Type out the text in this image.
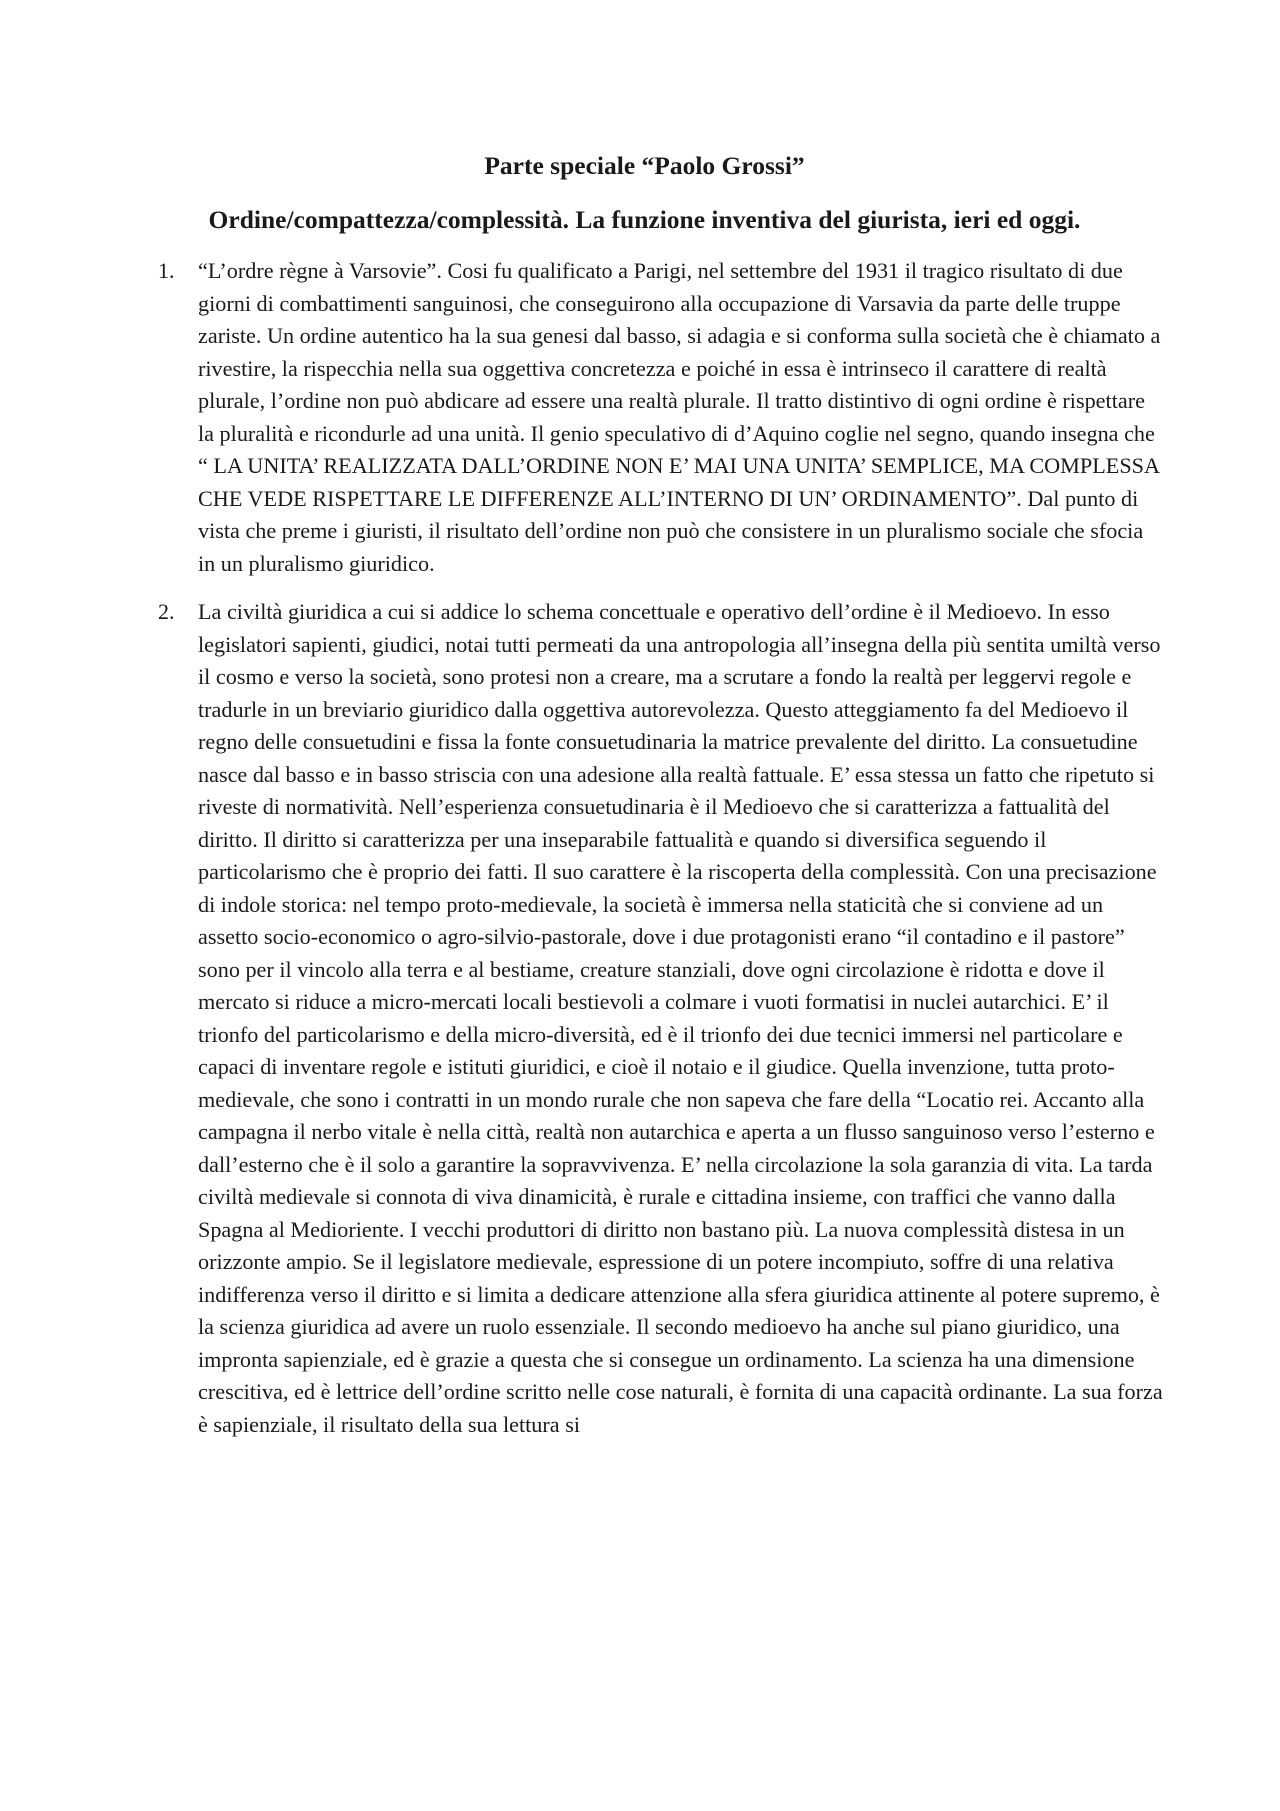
Parte speciale “Paolo Grossi”
Ordine/compattezza/complessità. La funzione inventiva del giurista, ieri ed oggi.
1. “L’ordre règne à Varsovie”. Cosi fu qualificato a Parigi, nel settembre del 1931 il tragico risultato di due giorni di combattimenti sanguinosi, che conseguirono alla occupazione di Varsavia da parte delle truppe zariste. Un ordine autentico ha la sua genesi dal basso, si adagia e si conforma sulla società che è chiamato a rivestire, la rispecchia nella sua oggettiva concretezza e poiché in essa è intrinseco il carattere di realtà plurale, l’ordine non può abdicare ad essere una realtà plurale. Il tratto distintivo di ogni ordine è rispettare la pluralità e ricondurle ad una unità. Il genio speculativo di d’Aquino coglie nel segno, quando insegna che “ LA UNITA’ REALIZZATA DALL’ORDINE NON E’ MAI UNA UNITA’ SEMPLICE, MA COMPLESSA CHE VEDE RISPETTARE LE DIFFERENZE ALL’INTERNO DI UN’ ORDINAMENTO”. Dal punto di vista che preme i giuristi, il risultato dell’ordine non può che consistere in un pluralismo sociale che sfocia in un pluralismo giuridico.

2. La civiltà giuridica a cui si addice lo schema concettuale e operativo dell’ordine è il Medioevo. In esso legislatori sapienti, giudici, notai tutti permeati da una antropologia all’insegna della più sentita umiltà verso il cosmo e verso la società, sono protesi non a creare, ma a scrutare a fondo la realtà per leggervi regole e tradurle in un breviario giuridico dalla oggettiva autorevolezza. Questo atteggiamento fa del Medioevo il regno delle consuetudini e fissa la fonte consuetudinaria la matrice prevalente del diritto. La consuetudine nasce dal basso e in basso striscia con una adesione alla realtà fattuale. E’ essa stessa un fatto che ripetuto si riveste di normatività. Nell’esperienza consuetudinaria è il Medioevo che si caratterizza a fattualità del diritto. Il diritto si caratterizza per una inseparabile fattualità e quando si diversifica seguendo il particolarismo che è proprio dei fatti. Il suo carattere è la riscoperta della complessità. Con una precisazione di indole storica: nel tempo proto-medievale, la società è immersa nella staticità che si conviene ad un assetto socio-economico o agro-silvio-pastorale, dove i due protagonisti erano “il contadino e il pastore” sono per il vincolo alla terra e al bestiame, creature stanziali, dove ogni circolazione è ridotta e dove il mercato si riduce a micro-mercati locali bestievoli a colmare i vuoti formatisi in nuclei autarchici. E’ il trionfo del particolarismo e della micro-diversità, ed è il trionfo dei due tecnici immersi nel particolare e capaci di inventare regole e istituti giuridici, e cioè il notaio e il giudice. Quella invenzione, tutta proto-medievale, che sono i contratti in un mondo rurale che non sapeva che fare della “Locatio rei. Accanto alla campagna il nerbo vitale è nella città, realtà non autarchica e aperta a un flusso sanguinoso verso l’esterno e dall’esterno che è il solo a garantire la sopravvivenza. E’ nella circolazione la sola garanzia di vita. La tarda civiltà medievale si connota di viva dinamicità, è rurale e cittadina insieme, con traffici che vanno dalla Spagna al Medioriente. I vecchi produttori di diritto non bastano più. La nuova complessità distesa in un orizzonte ampio. Se il legislatore medievale, espressione di un potere incompiuto, soffre di una relativa indifferenza verso il diritto e si limita a dedicare attenzione alla sfera giuridica attinente al potere supremo, è la scienza giuridica ad avere un ruolo essenziale. Il secondo medioevo ha anche sul piano giuridico, una impronta sapienziale, ed è grazie a questa che si consegue un ordinamento. La scienza ha una dimensione crescitiva, ed è lettrice dell’ordine scritto nelle cose naturali, è fornita di una capacità ordinante. La sua forza è sapienziale, il risultato della sua lettura si
